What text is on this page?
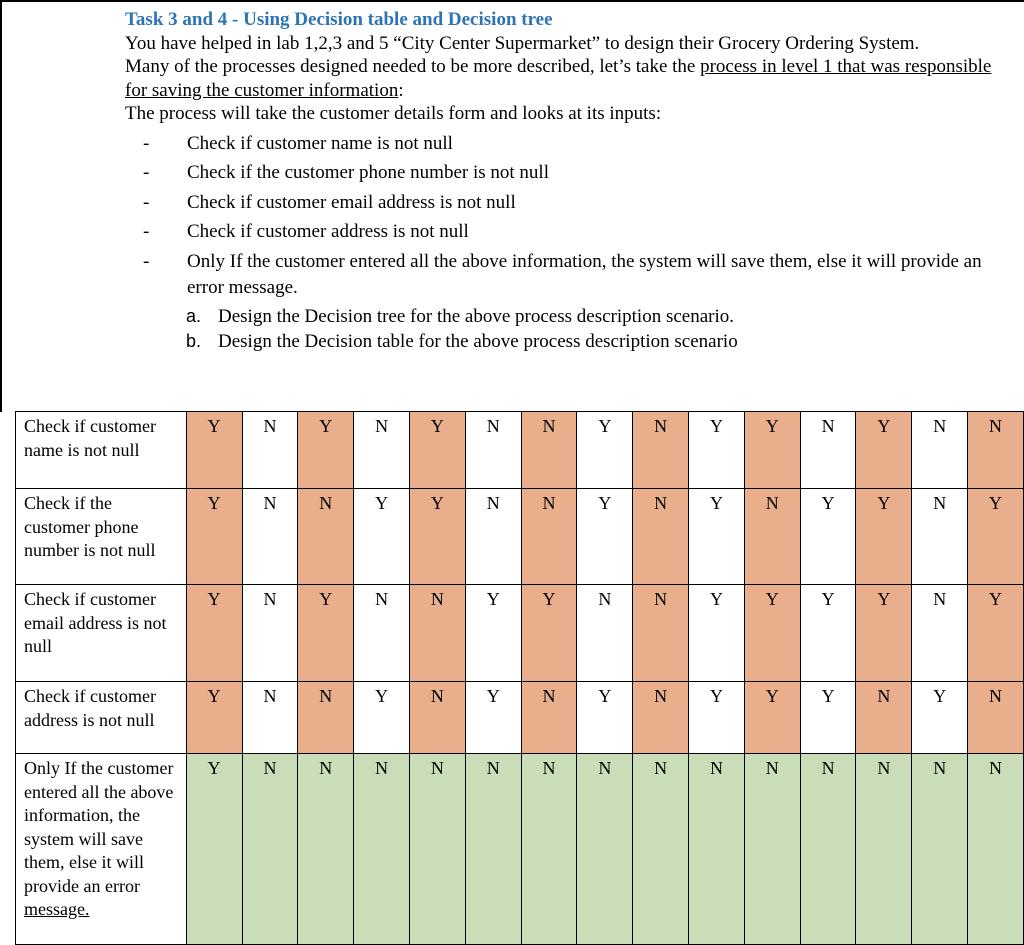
Task 3 and 4 - Using Decision table and Decision tree
You have helped in lab 1,2,3 and 5 “City Center Supermarket” to design their Grocery Ordering System.
Many of the processes designed needed to be more described, let’s take the process in level 1 that was responsible for saving the customer information:
The process will take the customer details form and looks at its inputs:
- Check if customer name is not null
- Check if the customer phone number is not null
- Check if customer email address is not null
- Check if customer address is not null
- Only If the customer entered all the above information, the system will save them, else it will provide an error message.
a. Design the Decision tree for the above process description scenario.
b. Design the Decision table for the above process description scenario
Check if customer name is not null	Y	N	Y	N	Y	N	N	Y	N	Y	Y	N	Y	N	N
Check if the customer phone number is not null	Y	N	N	Y	Y	N	N	Y	N	Y	N	Y	Y	N	Y
Check if customer email address is not null	Y	N	Y	N	N	Y	Y	N	N	Y	Y	Y	Y	N	Y
Check if customer address is not null	Y	N	N	Y	N	Y	N	Y	N	Y	Y	Y	N	Y	N
Only If the customer entered all the above information, the system will save them, else it will provide an error message.	Y	N	N	N	N	N	N	N	N	N	N	N	N	N	N
